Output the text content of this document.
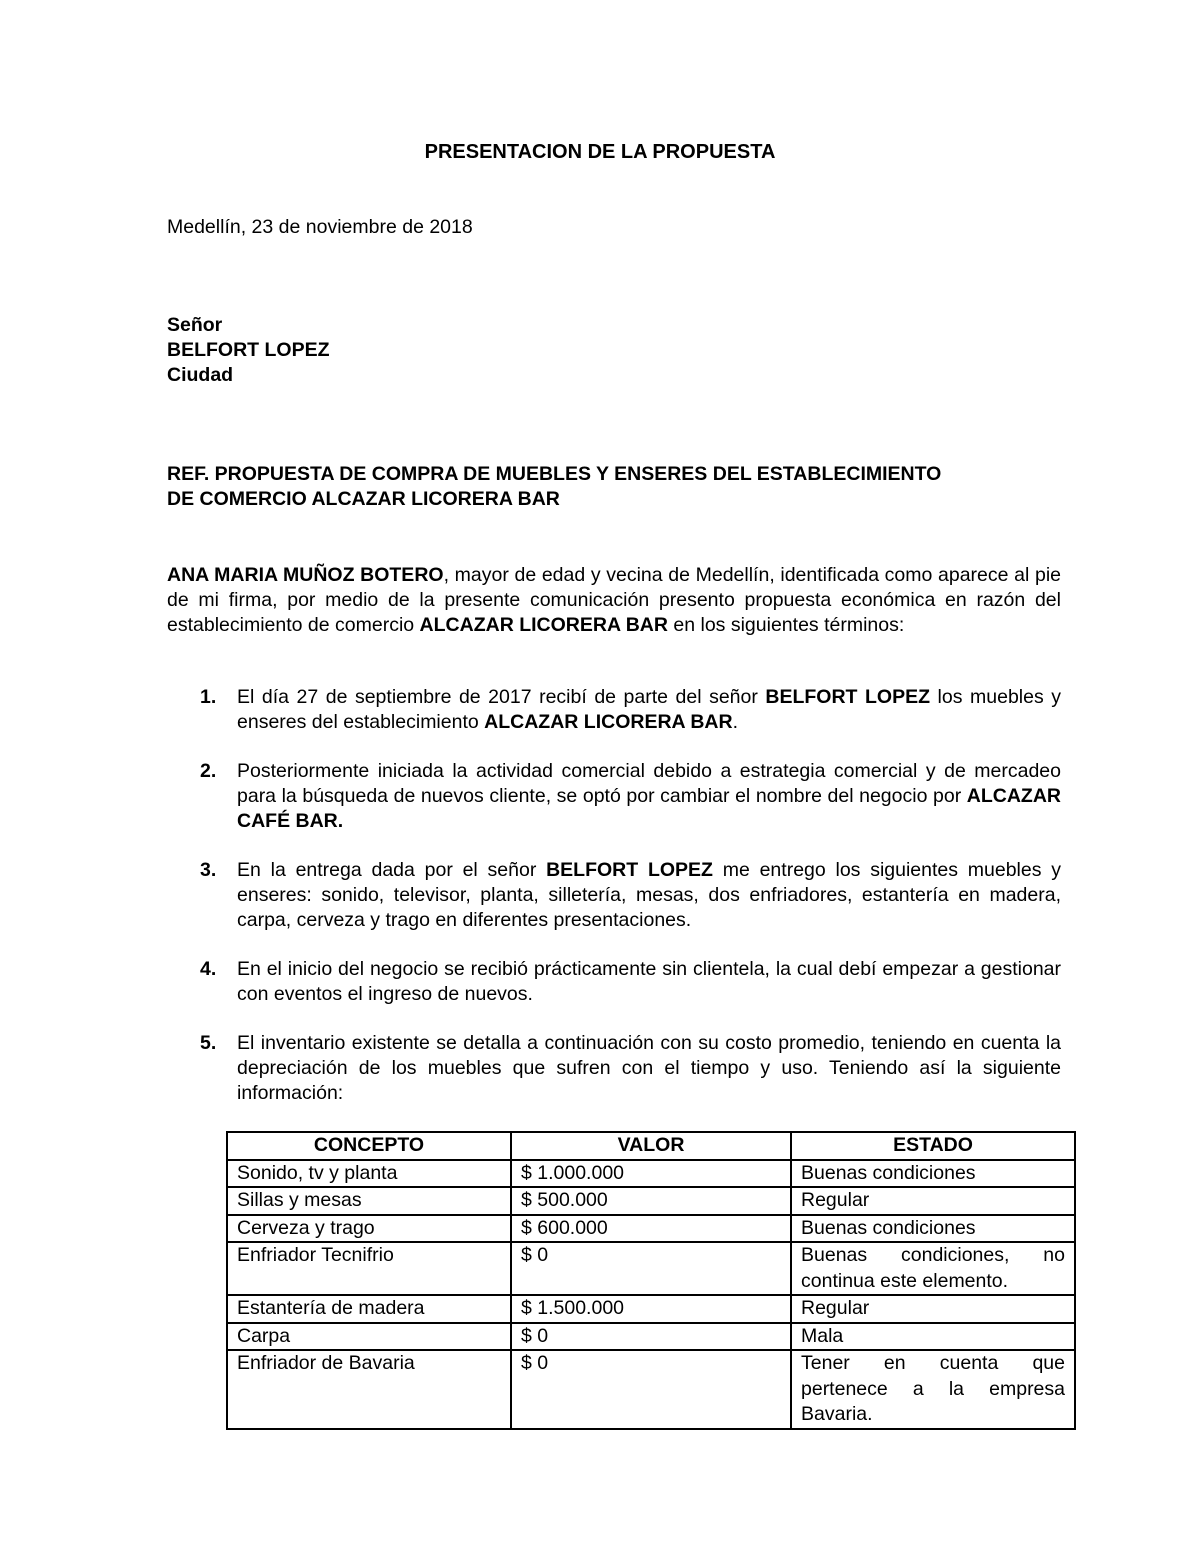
PRESENTACION DE LA PROPUESTA
Medellín, 23 de noviembre de 2018
Señor
BELFORT LOPEZ
Ciudad
REF. PROPUESTA DE COMPRA DE MUEBLES Y ENSERES DEL ESTABLECIMIENTO
DE COMERCIO ALCAZAR LICORERA BAR
ANA MARIA MUÑOZ BOTERO, mayor de edad y vecina de Medellín, identificada como aparece al pie de mi firma, por medio de la presente comunicación presento propuesta económica en razón del establecimiento de comercio ALCAZAR LICORERA BAR en los siguientes términos:
1. El día 27 de septiembre de 2017 recibí de parte del señor BELFORT LOPEZ los muebles y enseres del establecimiento ALCAZAR LICORERA BAR.
2. Posteriormente iniciada la actividad comercial debido a estrategia comercial y de mercadeo para la búsqueda de nuevos cliente, se optó por cambiar el nombre del negocio por ALCAZAR CAFÉ BAR.
3. En la entrega dada por el señor BELFORT LOPEZ me entrego los siguientes muebles y enseres: sonido, televisor, planta, silletería, mesas, dos enfriadores, estantería en madera, carpa, cerveza y trago en diferentes presentaciones.
4. En el inicio del negocio se recibió prácticamente sin clientela, la cual debí empezar a gestionar con eventos el ingreso de nuevos.
5. El inventario existente se detalla a continuación con su costo promedio, teniendo en cuenta la depreciación de los muebles que sufren con el tiempo y uso. Teniendo así la siguiente información:
CONCEPTO	VALOR	ESTADO
Sonido, tv y planta	$ 1.000.000	Buenas condiciones
Sillas y mesas	$ 500.000	Regular
Cerveza y trago	$ 600.000	Buenas condiciones
Enfriador Tecnifrio	$ 0	Buenas condiciones, no continua este elemento.
Estantería de madera	$ 1.500.000	Regular
Carpa	$ 0	Mala
Enfriador de Bavaria	$ 0	Tener en cuenta que pertenece a la empresa Bavaria.
